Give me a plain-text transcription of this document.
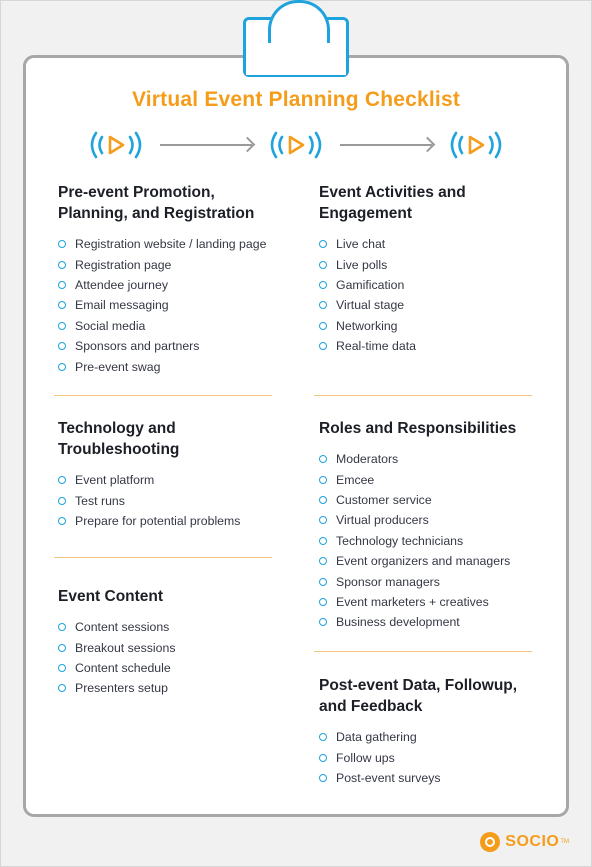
Virtual Event Planning Checklist
Pre-event Promotion,
Planning, and Registration
Registration website / landing page
Registration page
Attendee journey
Email messaging
Social media
Sponsors and partners
Pre-event swag
Event Activities and
Engagement
Live chat
Live polls
Gamification
Virtual stage
Networking
Real-time data
Technology and
Troubleshooting
Event platform
Test runs
Prepare for potential problems
Roles and Responsibilities
Moderators
Emcee
Customer service
Virtual producers
Technology technicians
Event organizers and managers
Sponsor managers
Event marketers + creatives
Business development
Event Content
Content sessions
Breakout sessions
Content schedule
Presenters setup	Post-event Data, Followup,
and Feedback
Data gathering
Follow ups
Post-event surveys
SOCIO TM
